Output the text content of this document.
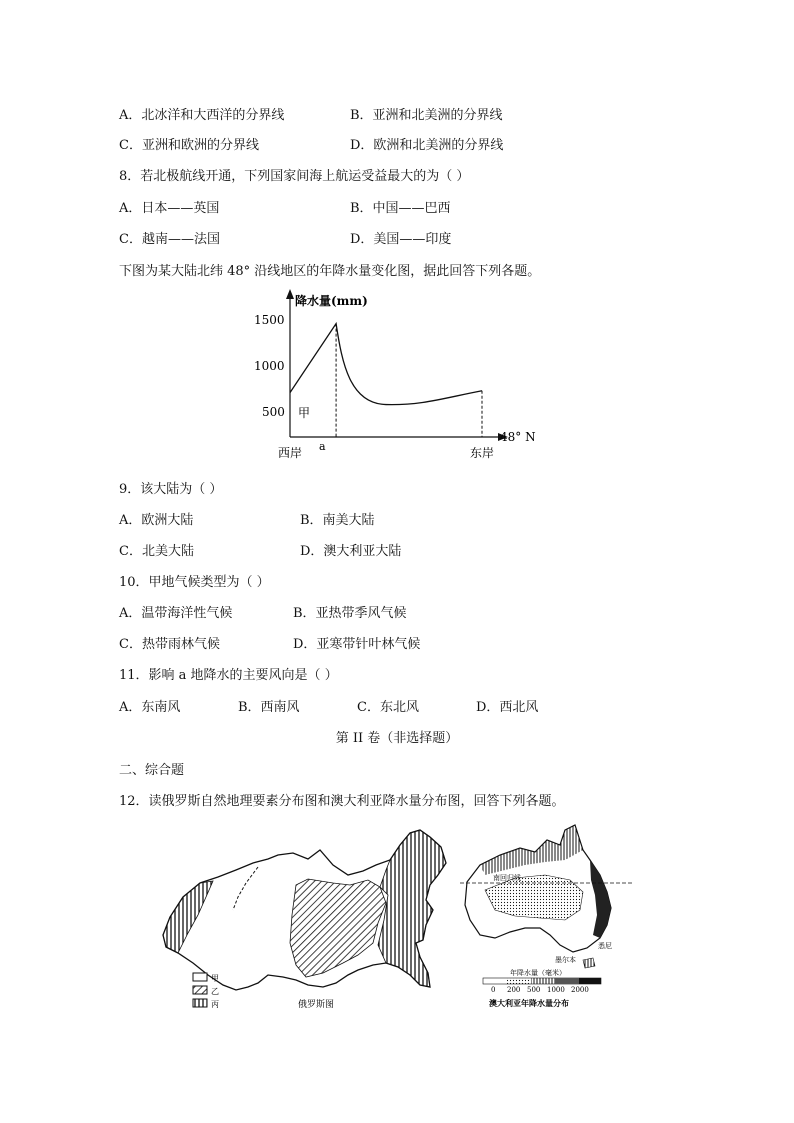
A．北冰洋和大西洋的分界线	B．亚洲和北美洲的分界线
C．亚洲和欧洲的分界线	D．欧洲和北美洲的分界线
8．若北极航线开通，下列国家间海上航运受益最大的为（ ）
A．日本——英国	B．中国——巴西
C．越南——法国	D．美国——印度
下图为某大陆北纬 48° 沿线地区的年降水量变化图，据此回答下列各题。
降水量(mm)
48° N
1500
1000
500 甲
西岸 a	东岸
9．该大陆为（ ）
A．欧洲大陆	B．南美大陆
C．北美大陆	D．澳大利亚大陆
10．甲地气候类型为（ ）
A．温带海洋性气候	B．亚热带季风气候
C．热带雨林气候	D．亚寒带针叶林气候
11．影响 a 地降水的主要风向是（ ）
A．东南风	B．西南风	C．东北风	D．西北风
第 II 卷（非选择题）
二、综合题
12．读俄罗斯自然地理要素分布图和澳大利亚降水量分布图，回答下列各题。
甲
乙
丙	俄罗斯图
南回归线
悉尼
墨尔本
年降水量（毫米）
0 200 500 1000 2000
澳大利亚年降水量分布
